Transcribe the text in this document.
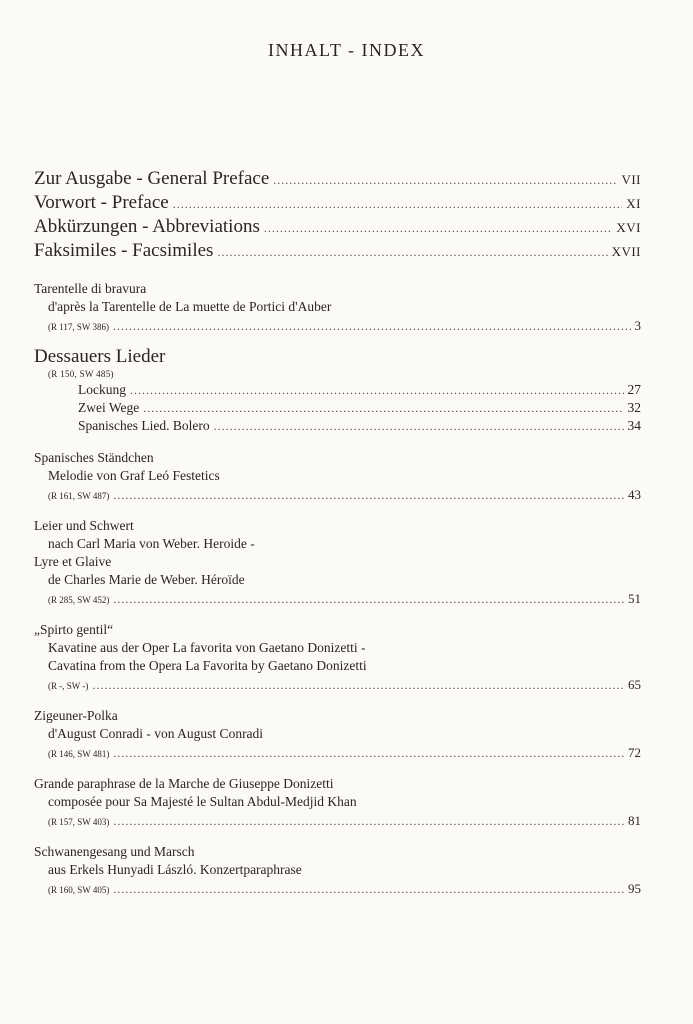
INHALT - INDEX
Zur Ausgabe - General Preface .....	VII
Vorwort - Preface .....	XI
Abkürzungen - Abbreviations .....	XVI
Faksimiles - Facsimiles .....	XVII
Tarentelle di bravura
d'après la Tarentelle de La muette de Portici d'Auber
(R 117, SW 386) .....	3
Dessauers Lieder
(R 150, SW 485)
Lockung .....	27
Zwei Wege .....	32
Spanisches Lied. Bolero .....	34
Spanisches Ständchen
Melodie von Graf Leó Festetics
(R 161, SW 487) .....	43
Leier und Schwert
nach Carl Maria von Weber. Heroide -
Lyre et Glaive
de Charles Marie de Weber. Héroïde
(R 285, SW 452) .....	51
„Spirto gentil“
Kavatine aus der Oper La favorita von Gaetano Donizetti -
Cavatina from the Opera La Favorita by Gaetano Donizetti
(R -, SW -) .....	65
Zigeuner-Polka
d'August Conradi - von August Conradi
(R 146, SW 481) .....	72
Grande paraphrase de la Marche de Giuseppe Donizetti
composée pour Sa Majesté le Sultan Abdul-Medjid Khan
(R 157, SW 403) .....	81
Schwanengesang und Marsch
aus Erkels Hunyadi László. Konzertparaphrase
(R 160, SW 405) .....	95
